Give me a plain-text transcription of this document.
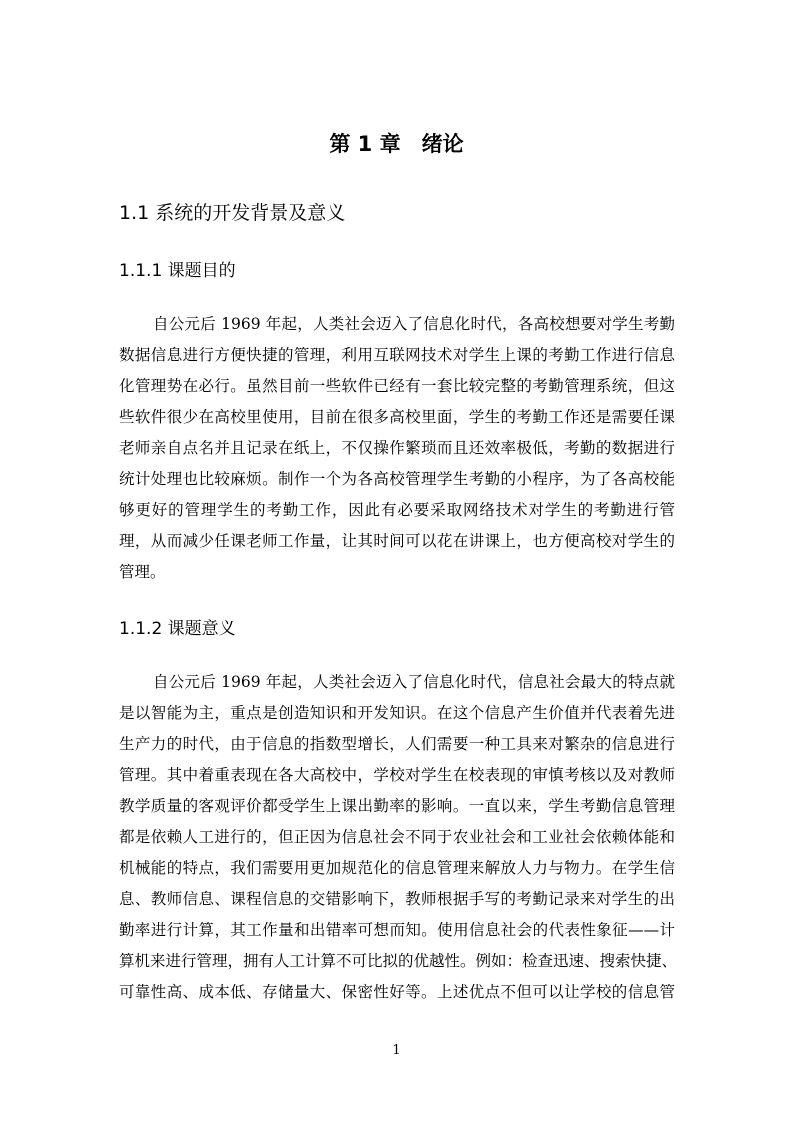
第 1 章　绪论
1.1 系统的开发背景及意义
1.1.1 课题目的
自公元后 1969 年起，人类社会迈入了信息化时代，各高校想要对学生考勤
数据信息进行方便快捷的管理，利用互联网技术对学生上课的考勤工作进行信息
化管理势在必行。虽然目前一些软件已经有一套比较完整的考勤管理系统，但这
些软件很少在高校里使用，目前在很多高校里面，学生的考勤工作还是需要任课
老师亲自点名并且记录在纸上，不仅操作繁琐而且还效率极低，考勤的数据进行
统计处理也比较麻烦。制作一个为各高校管理学生考勤的小程序，为了各高校能
够更好的管理学生的考勤工作，因此有必要采取网络技术对学生的考勤进行管
理，从而减少任课老师工作量，让其时间可以花在讲课上，也方便高校对学生的
管理。
1.1.2 课题意义
自公元后 1969 年起，人类社会迈入了信息化时代，信息社会最大的特点就
是以智能为主，重点是创造知识和开发知识。在这个信息产生价值并代表着先进
生产力的时代，由于信息的指数型增长，人们需要一种工具来对繁杂的信息进行
管理。其中着重表现在各大高校中，学校对学生在校表现的审慎考核以及对教师
教学质量的客观评价都受学生上课出勤率的影响。一直以来，学生考勤信息管理
都是依赖人工进行的，但正因为信息社会不同于农业社会和工业社会依赖体能和
机械能的特点，我们需要用更加规范化的信息管理来解放人力与物力。在学生信
息、教师信息、课程信息的交错影响下，教师根据手写的考勤记录来对学生的出
勤率进行计算，其工作量和出错率可想而知。使用信息社会的代表性象征——计
算机来进行管理，拥有人工计算不可比拟的优越性。例如：检查迅速、搜索快捷、
可靠性高、成本低、存储量大、保密性好等。上述优点不但可以让学校的信息管
1
